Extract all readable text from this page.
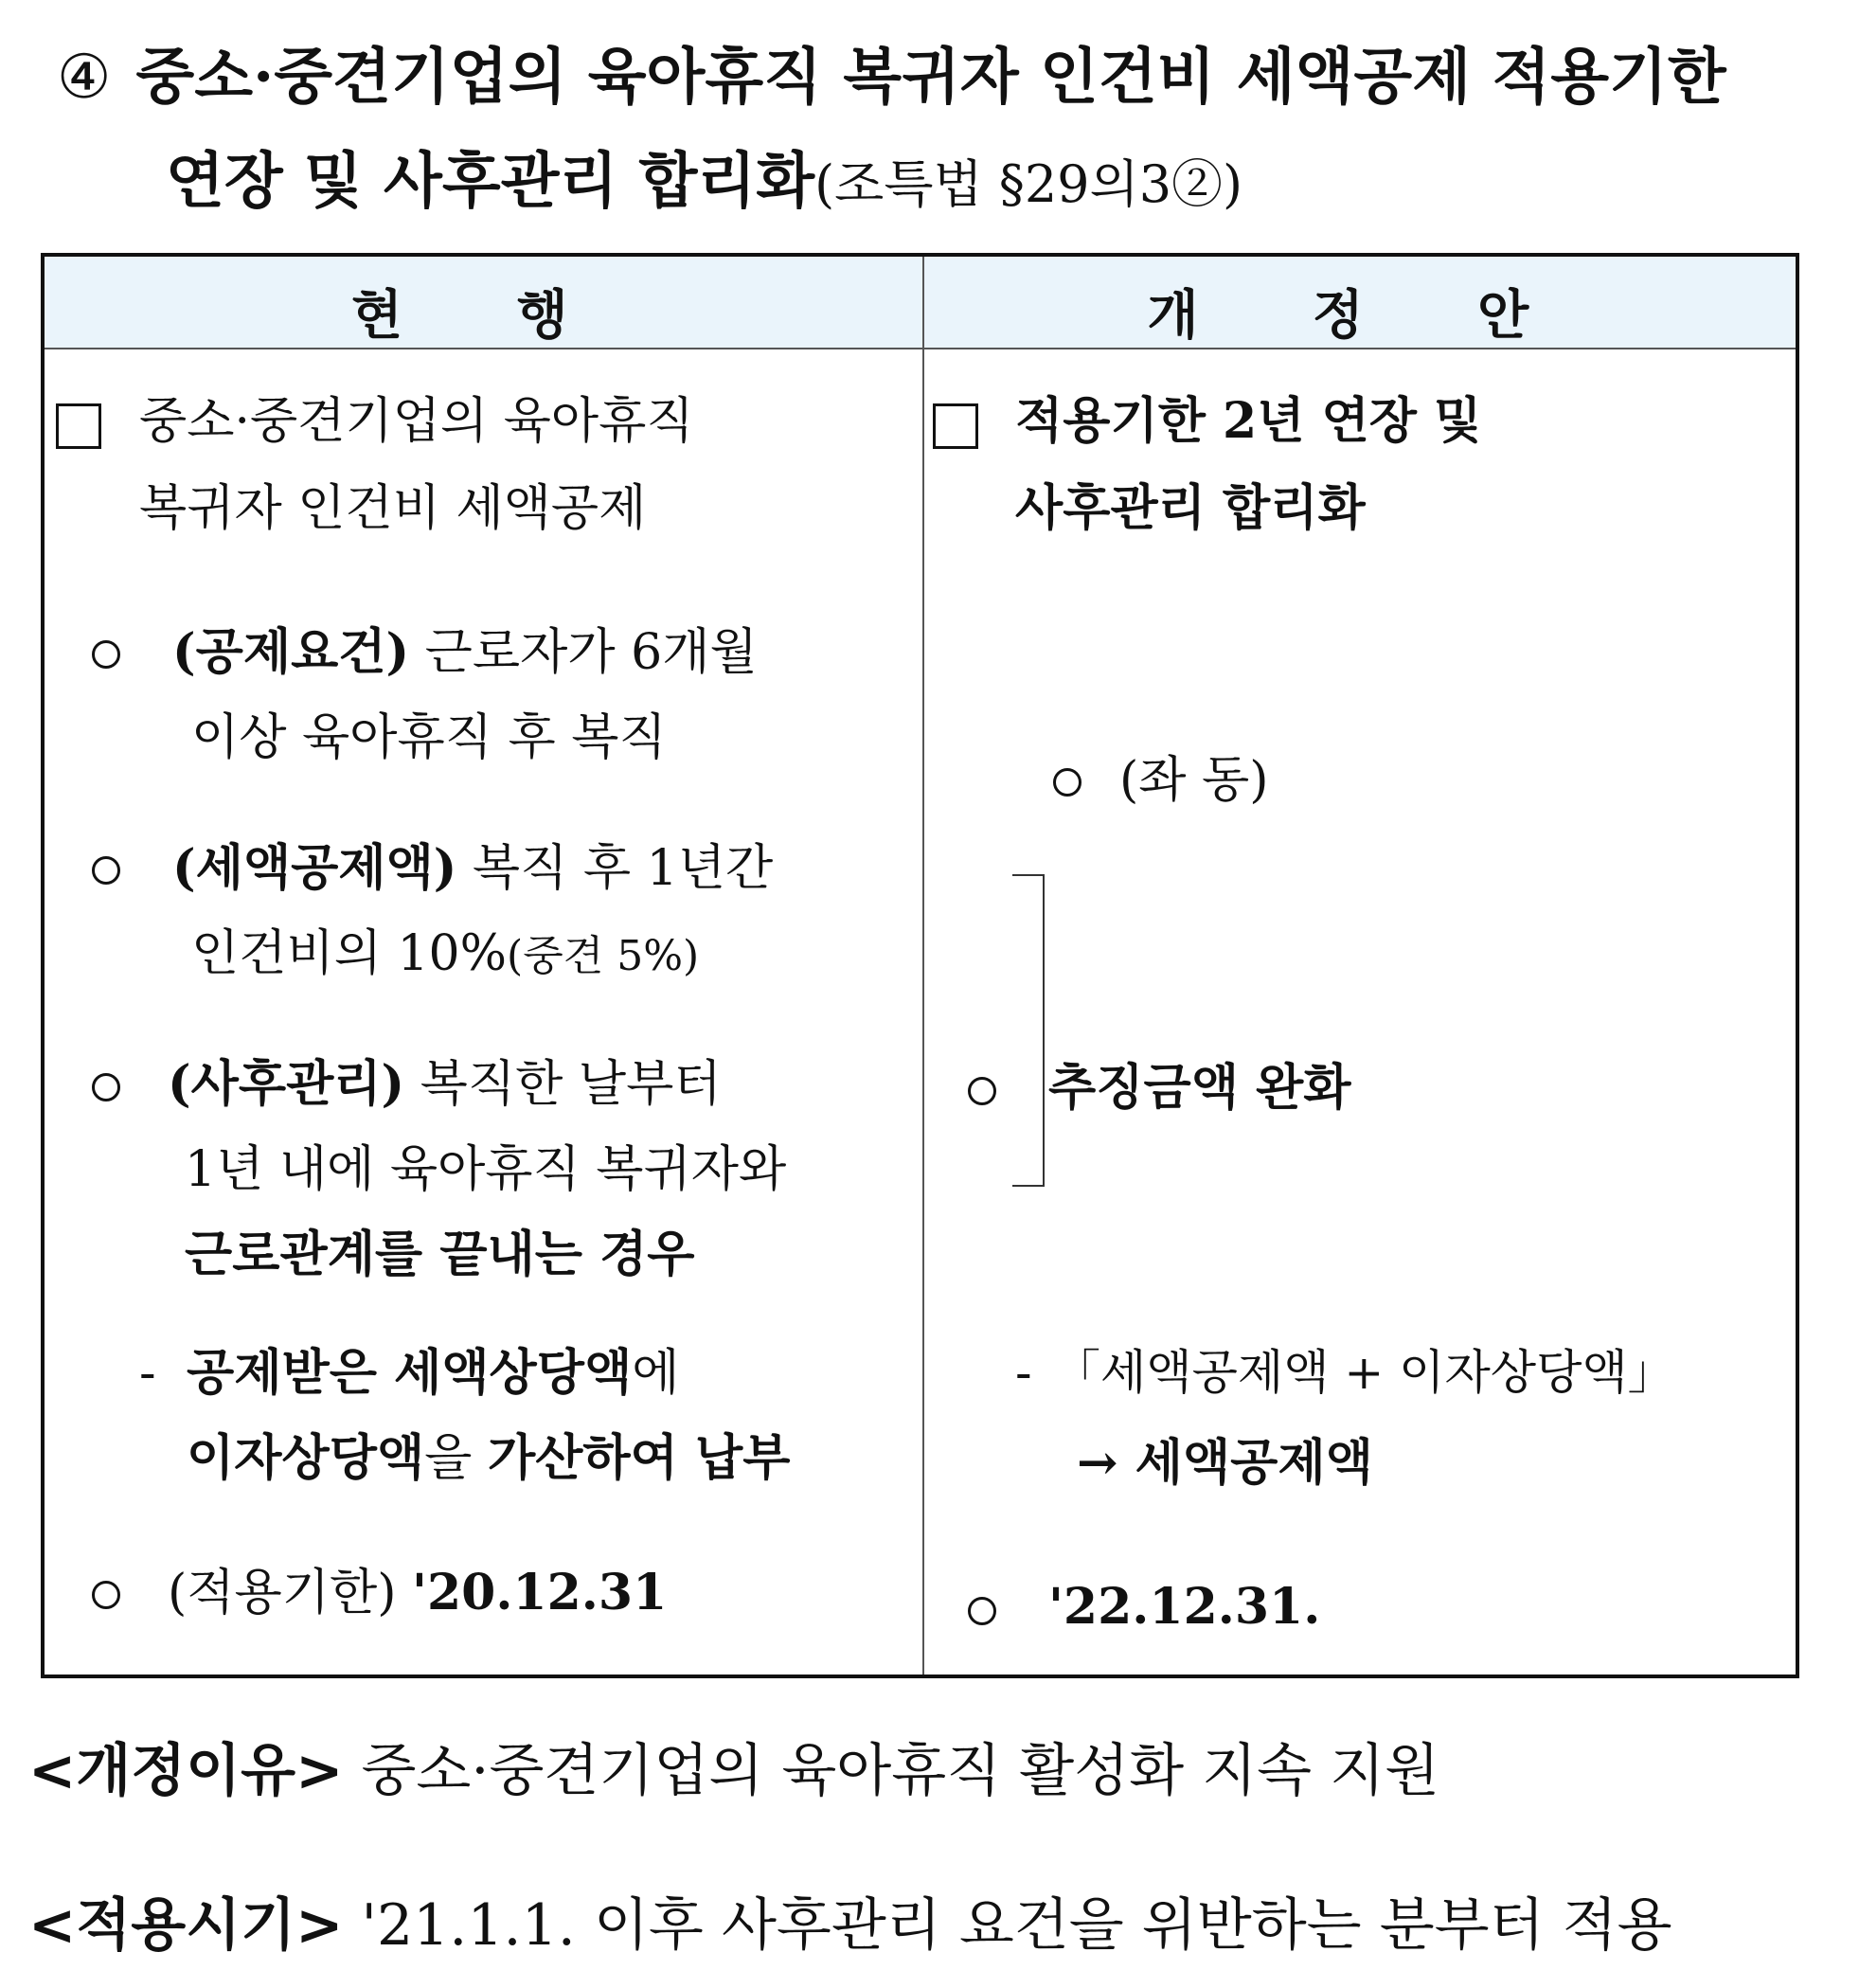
④ 중소·중견기업의 육아휴직 복귀자 인건비 세액공제 적용기한
연장 및 사후관리 합리화(조특법 §29의3②)
현 행	개 정 안
중소·중견기업의 육아휴직
복귀자 인건비 세액공제
(공제요건) 근로자가 6개월
이상 육아휴직 후 복직
(세액공제액) 복직 후 1년간
인건비의 10%(중견 5%)
(사후관리) 복직한 날부터
1년 내에 육아휴직 복귀자와
근로관계를 끝내는 경우
- 공제받은 세액상당액에
이자상당액을 가산하여 납부
(적용기한) '20.12.31
적용기한 2년 연장 및
사후관리 합리화
(좌 동)
추징금액 완화
- 「세액공제액 + 이자상당액」
→ 세액공제액
'22.12.31.
<개정이유> 중소·중견기업의 육아휴직 활성화 지속 지원
<적용시기> '21.1.1. 이후 사후관리 요건을 위반하는 분부터 적용
